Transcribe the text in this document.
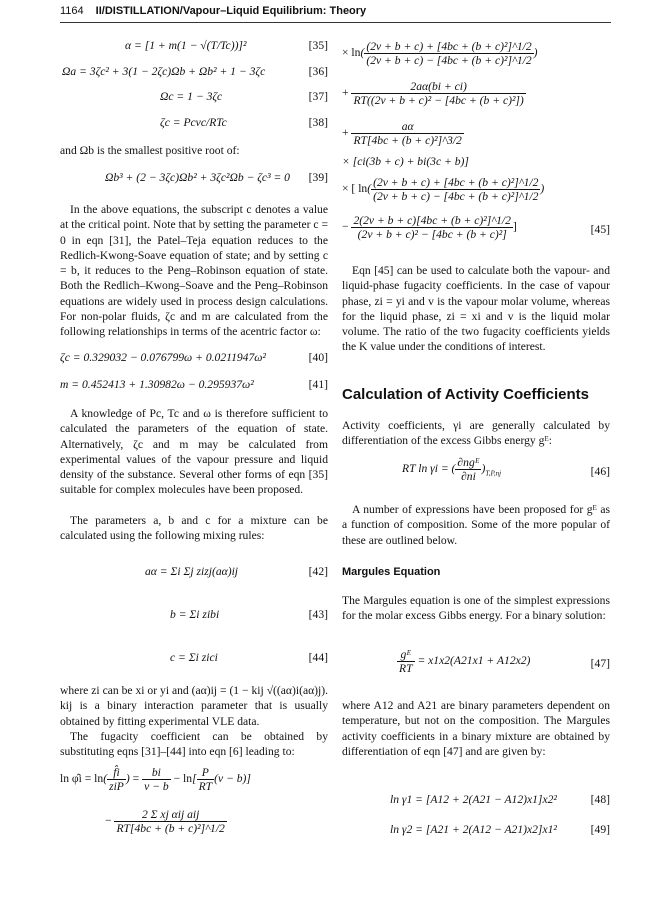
1164 II/DISTILLATION/Vapour–Liquid Equilibrium: Theory
α = [1 + m(1 − √(T/Tc))]²	[35]
Ωa = 3ζc² + 3(1 − 2ζc)Ωb + Ωb² + 1 − 3ζc	[36]
Ωc = 1 − 3ζc	[37]
ζc = Pcvc/RTc	[38]

and Ωb is the smallest positive root of:

Ωb³ + (2 − 3ζc)Ωb² + 3ζc²Ωb − ζc³ = 0 [39]

In the above equations, the subscript c denotes a value at the critical point. Note that by setting the parameter c = 0 in eqn [31], the Patel–Teja equation reduces to the Redlich-Kwong-Soave equation of state; and by setting c = b, it reduces to the Peng–Robinson equation of state. Both the Redlich–Kwong–Soave and the Peng–Robinson equations are widely used in process design calculations. For non-polar fluids, ζc and m are calculated from the following relationships in terms of the acentric factor ω:

ζc = 0.329032 − 0.076799ω + 0.0211947ω²	[40]
m = 0.452413 + 1.30982ω − 0.295937ω²	[41]

A knowledge of Pc, Tc and ω is therefore sufficient to calculated the parameters of the equation of state. Alternatively, ζc and m may be calculated from experimental values of the vapour pressure and liquid density of the substance. Several other forms of eqn [35] suitable for complex molecules have been proposed.

The parameters a, b and c for a mixture can be calculated using the following mixing rules:

aα = Σi Σj zizj(aα)ij	[42]
b = Σi zibi	[43]
c = Σi zici	[44]

where zi can be xi or yi and (aα)ij = (1 − kij √((aα)i(aα)j). kij is a binary interaction parameter that is usually obtained by fitting experimental VLE data.

The fugacity coefficient can be obtained by substituting eqns [31]–[44] into eqn [6] leading to:

ln φ̂i = $\ln( \frac{f̂i}{\text{ziP}}$ ) = $\frac{bi}{v - b} - \ln[ \frac{P}{RT} (v - b)]$
− $\frac{\text{2 Σ xj αij aij}}{\text{RT[4bc + (b + c)²]\textasciicircum{}1/2}}$
× $\ln( \frac{\text{(2v + b + c) + [4bc + (b + c)²]\textasciicircum{}1/2}}{\text{(2v + b + c) − [4bc + (b + c)²]\textasciicircum{}1/2}}$ )
+ $\frac{2a\alpha(bi + ci)}{\text{RT((2v + b + c)² − [4bc + (b + c)²])}}$
+ $\frac{a\alpha}{\text{RT[4bc + (b + c)²]\textasciicircum{}3/2}}$
× [ci(3b + c) + bi(3c + b)]
× [ $\ln( \frac{\text{(2v + b + c) + [4bc + (b + c)²]\textasciicircum{}1/2}}{\text{(2v + b + c) − [4bc + (b + c)²]\textasciicircum{}1/2}}$ )
− $\frac{\text{2(2v + b + c)[4bc + (b + c)²]\textasciicircum{}1/2}}{\text{(2v + b + c)² − [4bc + (b + c)²]}}$ ]	[45]

Eqn [45] can be used to calculate both the vapour- and liquid-phase fugacity coefficients. In the case of vapour phase, zi = yi and v is the vapour molar volume, whereas for the liquid phase, zi = xi and v is the liquid molar volume. The ratio of the two fugacity coefficients yields the K value under the conditions of interest.

Calculation of Activity Coefficients

Activity coefficients, γi are generally calculated by differentiation of the excess Gibbs energy gᴱ:

RT ln γi = ( $\frac{\text{∂ngᴱ}}{\partial ni} )_{T,P,nj}$	[46]

A number of expressions have been proposed for gᴱ as a function of composition. Some of the more popular of these are outlined below.

Margules Equation

The Margules equation is one of the simplest expressions for the molar excess Gibbs energy. For a binary solution:

$\frac{\text{gᴱ}}{RT} = x1x2(A21x1 + A12x2)$	[47]

where A12 and A21 are binary parameters dependent on temperature, but not on the composition. The Margules activity coefficients in a binary mixture are obtained by differentiation of eqn [47] and are given by:

ln γ1 = [A12 + 2(A21 − A12)x1]x2²	[48]
ln γ2 = [A21 + 2(A12 − A21)x2]x1²	[49]
